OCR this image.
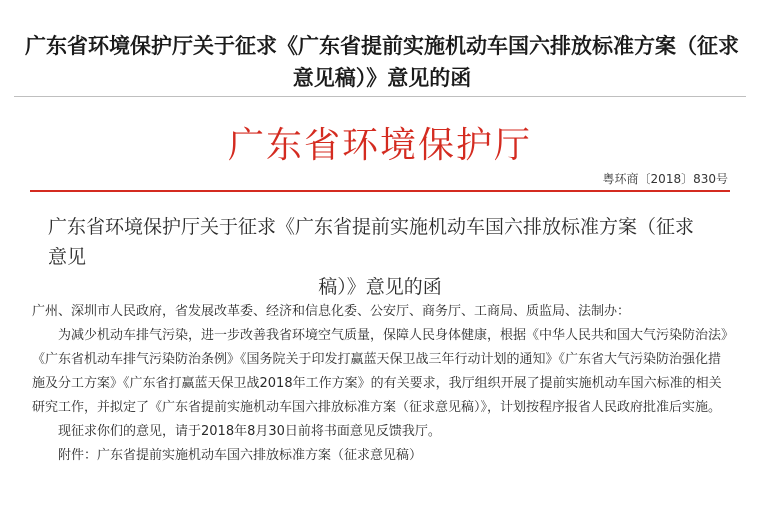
广东省环境保护厅关于征求《广东省提前实施机动车国六排放标准方案（征求意见稿）》意见的函
广东省环境保护厅
粤环商〔2018〕830号
广东省环境保护厅关于征求《广东省提前实施机动车国六排放标准方案（征求意见
稿）》意见的函

广州、深圳市人民政府，省发展改革委、经济和信息化委、公安厅、商务厅、工商局、质监局、法制办：

为减少机动车排气污染，进一步改善我省环境空气质量，保障人民身体健康，根据《中华人民共和国大气污染防治法》《广东省机动车排气污染防治条例》《国务院关于印发打赢蓝天保卫战三年行动计划的通知》《广东省大气污染防治强化措施及分工方案》《广东省打赢蓝天保卫战2018年工作方案》的有关要求，我厅组织开展了提前实施机动车国六标准的相关研究工作，并拟定了《广东省提前实施机动车国六排放标准方案（征求意见稿）》，计划按程序报省人民政府批准后实施。

现征求你们的意见，请于2018年8月30日前将书面意见反馈我厅。

附件：广东省提前实施机动车国六排放标准方案（征求意见稿）
